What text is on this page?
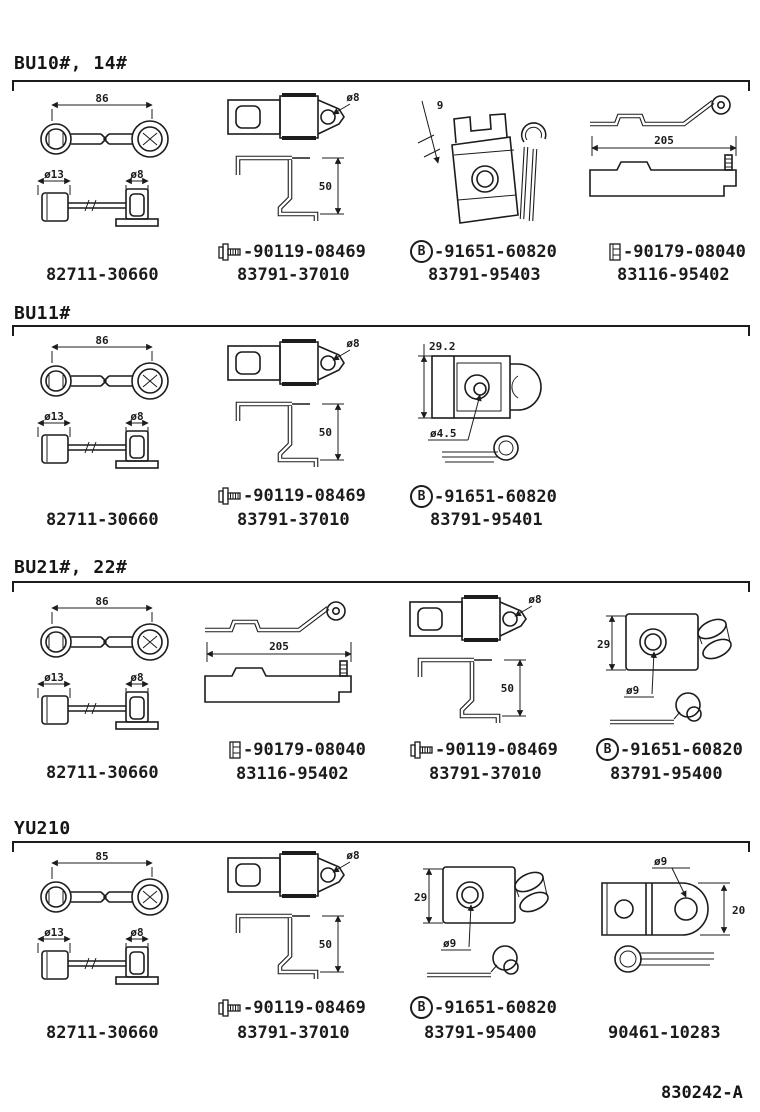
BU10#, 14#
86
ø13	ø8
82711-30660
ø8
50
-90119-08469
83791-37010
9
B -91651-60820
83791-95403
205
-90179-08040
83116-95402
BU11#
86
ø13	ø8
82711-30660
ø8
50
-90119-08469
83791-37010
29.2
ø4.5
B -91651-60820
83791-95401
BU21#, 22#
86
ø13	ø8
82711-30660
205
-90179-08040
83116-95402
ø8
50
-90119-08469
83791-37010
29
ø9
B -91651-60820
83791-95400
YU210
85
ø13	ø8
82711-30660
ø8
50
-90119-08469
83791-37010
29
ø9
B -91651-60820
83791-95400
ø9
20
90461-10283
830242-A
